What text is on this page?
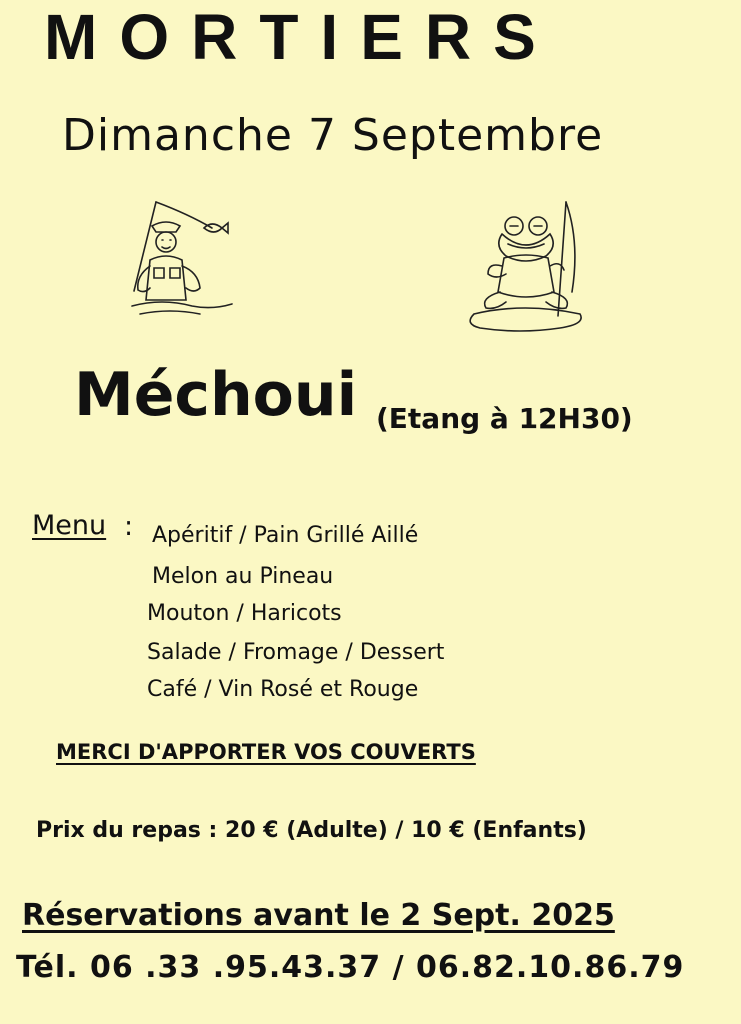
MORTIERS
Dimanche 7 Septembre
Méchoui (Etang à 12H30)
Menu : Apéritif / Pain Grillé Aillé
Melon au Pineau
Mouton / Haricots
Salade / Fromage / Dessert
Café / Vin Rosé et Rouge
MERCI D'APPORTER VOS COUVERTS
Prix du repas : 20 € (Adulte) / 10 € (Enfants)
Réservations avant le 2 Sept. 2025
Tél. 06 .33 .95.43.37 / 06.82.10.86.79
